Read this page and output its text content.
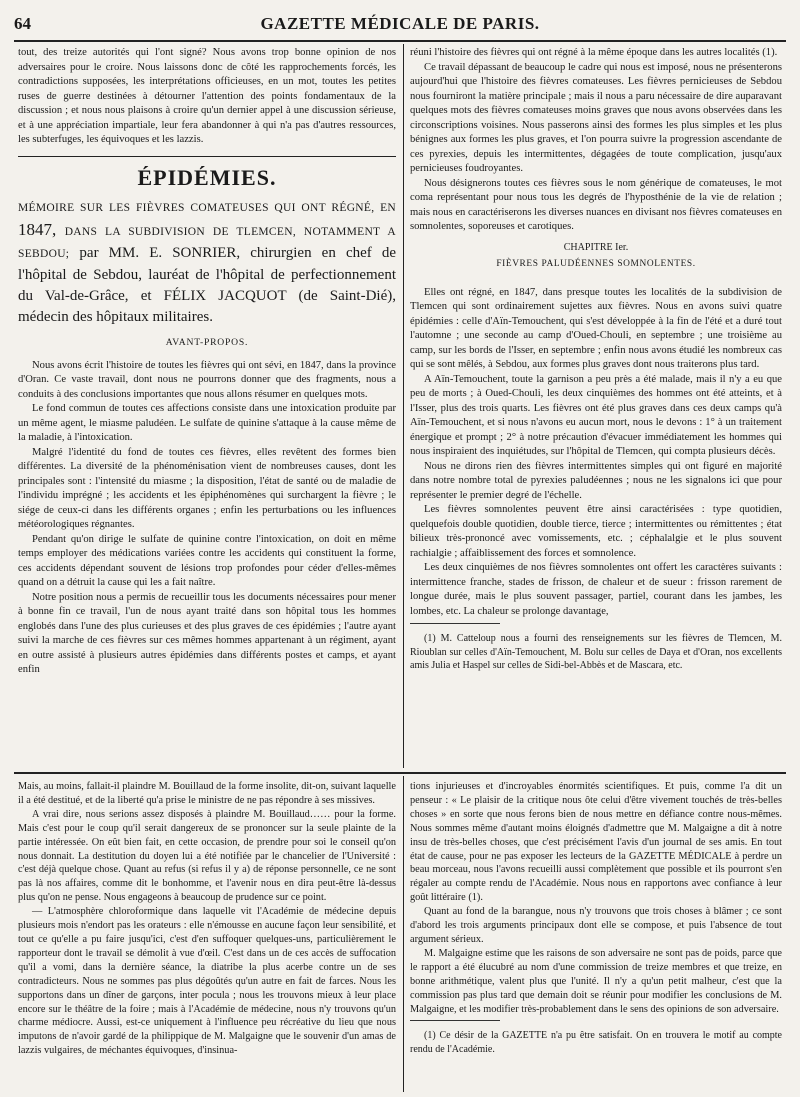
64	GAZETTE MÉDICALE DE PARIS.

tout, des treize autorités qui l'ont signé? Nous avons trop bonne opinion de nos adversaires pour le croire. Nous laissons donc de côté les rapprochements forcés, les contradictions supposées, les interprétations officieuses, en un mot, toutes les petites ruses de guerre destinées à détourner l'attention des points fondamentaux de la discussion ; et nous nous plaisons à croire qu'un dernier appel à une discussion sérieuse, et à une appréciation impartiale, leur fera abandonner à qui n'a pas d'autres ressources, les subterfuges, les équivoques et les lazzis.

ÉPIDÉMIES.
MÉMOIRE SUR LES FIÈVRES COMATEUSES QUI ONT RÉGNÉ, EN 1847, DANS LA SUBDIVISION DE TLEMCEN, NOTAMMENT A SEBDOU; par MM. E. SONRIER, chirurgien en chef de l'hôpital de Sebdou, lauréat de l'hôpital de perfectionnement du Val-de-Grâce, et FÉLIX JACQUOT (de Saint-Dié), médecin des hôpitaux militaires.
AVANT-PROPOS.

Nous avons écrit l'histoire de toutes les fièvres qui ont sévi, en 1847, dans la province d'Oran. Ce vaste travail, dont nous ne pourrons donner que des fragments, nous a conduits à des conclusions importantes que nous allons résumer en quelques mots.

Le fond commun de toutes ces affections consiste dans une intoxication produite par un même agent, le miasme paludéen. Le sulfate de quinine s'attaque à la cause même de la maladie, à l'intoxication.

Malgré l'identité du fond de toutes ces fièvres, elles revêtent des formes bien différentes. La diversité de la phénoménisation vient de nombreuses causes, dont les principales sont : l'intensité du miasme ; la disposition, l'état de santé ou de maladie de l'individu imprégné ; les accidents et les épiphénomènes qui surchargent la fièvre ; le siége de ceux-ci dans les différents organes ; enfin les perturbations ou les influences météorologiques régnantes.

Pendant qu'on dirige le sulfate de quinine contre l'intoxication, on doit en même temps employer des médications variées contre les accidents qui constituent la forme, ces accidents dépendant souvent de lésions trop profondes pour céder d'elles-mêmes quand on a détruit la cause qui les a fait naître.

Notre position nous a permis de recueillir tous les documents nécessaires pour mener à bonne fin ce travail, l'un de nous ayant traité dans son hôpital tous les hommes englobés dans l'une des plus curieuses et des plus graves de ces épidémies ; l'autre ayant suivi la marche de ces fièvres sur ces mêmes hommes appartenant à un régiment, ayant en outre assisté à plusieurs autres épidémies dans différents postes et camps, et ayant enfin

réuni l'histoire des fièvres qui ont régné à la même époque dans les autres localités (1).

Ce travail dépassant de beaucoup le cadre qui nous est imposé, nous ne présenterons aujourd'hui que l'histoire des fièvres comateuses. Les fièvres pernicieuses de Sebdou nous fourniront la matière principale ; mais il nous a paru nécessaire de dire auparavant quelques mots des fièvres comateuses moins graves que nous avons observées dans les circonscriptions voisines. Nous passerons ainsi des formes les plus simples et les plus bénignes aux formes les plus graves, et l'on pourra suivre la progression ascendante de ces pyrexies, depuis les intermittentes, dégagées de toute complication, jusqu'aux pernicieuses foudroyantes.

Nous désignerons toutes ces fièvres sous le nom générique de comateuses, le mot coma représentant pour nous tous les degrés de l'hyposthénie de la vie de relation ; mais nous en caractériserons les diverses nuances en divisant nos fièvres comateuses en somnolentes, soporeuses et carotiques.

CHAPITRE Ier.
FIÈVRES PALUDÉENNES SOMNOLENTES.

Elles ont régné, en 1847, dans presque toutes les localités de la subdivision de Tlemcen qui sont ordinairement sujettes aux fièvres. Nous en avons suivi quatre épidémies : celle d'Aïn-Temouchent, qui s'est développée à la fin de l'été et a duré tout l'automne ; une seconde au camp d'Oued-Chouli, en septembre ; une troisième au camp, sur les bords de l'Isser, en septembre ; enfin nous avons étudié les nombreux cas qui se sont mêlés, à Sebdou, aux formes plus graves dont nous traiterons plus tard.

A Aïn-Temouchent, toute la garnison a peu près a été malade, mais il n'y a eu que peu de morts ; à Oued-Chouli, les deux cinquièmes des hommes ont été atteints, et à l'Isser, plus des trois quarts. Les fièvres ont été plus graves dans ces deux camps qu'à Aïn-Temouchent, et si nous n'avons eu aucun mort, nous le devons : 1° à un traitement énergique et prompt ; 2° à notre précaution d'évacuer immédiatement les hommes qui nous inspiraient des inquiétudes, sur l'hôpital de Tlemcen, qui compta plusieurs décès.

Nous ne dirons rien des fièvres intermittentes simples qui ont figuré en majorité dans notre nombre total de pyrexies paludéennes ; nous ne les signalons ici que pour représenter le premier degré de l'échelle.

Les fièvres somnolentes peuvent être ainsi caractérisées : type quotidien, quelquefois double quotidien, double tierce, tierce ; intermittentes ou rémittentes ; état bilieux très-prononcé avec vomissements, etc. ; céphalalgie et le plus souvent rachialgie ; affaiblissement des forces et somnolence.

Les deux cinquièmes de nos fièvres somnolentes ont offert les caractères suivants : intermittence franche, stades de frisson, de chaleur et de sueur : frisson rarement de longue durée, mais le plus souvent passager, partiel, courant dans les jambes, les lombes, etc. La chaleur se prolonge davantage,

(1) M. Catteloup nous a fourni des renseignements sur les fièvres de Tlemcen, M. Rioublan sur celles d'Aïn-Temouchent, M. Bolu sur celles de Daya et d'Oran, nos excellents amis Julia et Haspel sur celles de Sidi-bel-Abbès et de Mascara, etc.

Mais, au moins, fallait-il plaindre M. Bouillaud de la forme insolite, dit-on, suivant laquelle il a été destitué, et de la liberté qu'a prise le ministre de ne pas répondre à ses missives.

A vrai dire, nous serions assez disposés à plaindre M. Bouillaud…… pour la forme. Mais c'est pour le coup qu'il serait dangereux de se prononcer sur la seule plainte de la partie intéressée. On eût bien fait, en cette occasion, de prendre pour soi le conseil qu'on nous donnait. La destitution du doyen lui a été notifiée par le chancelier de l'Université : c'est déjà quelque chose. Quant au refus (si refus il y a) de réponse personnelle, ce ne sont pas là nos affaires, comme dit le bonhomme, et l'avenir nous en dira peut-être là-dessus plus qu'on ne pense. Nous engageons à beaucoup de prudence sur ce point.

— L'atmosphère chloroformique dans laquelle vit l'Académie de médecine depuis plusieurs mois n'endort pas les orateurs : elle n'émousse en aucune façon leur sensibilité, et tout ce qu'elle a pu faire jusqu'ici, c'est d'en suffoquer quelques-uns, particulièrement le rapporteur dont le travail se démolit à vue d'œil. C'est dans un de ces accès de suffocation qu'il a vomi, dans la dernière séance, la diatribe la plus acerbe contre un de ses contradicteurs. Nous ne sommes pas plus dégoûtés qu'un autre en fait de farces. Nous les supportons dans un dîner de garçons, inter pocula ; nous les trouvons mieux à leur place encore sur le théâtre de la foire ; mais à l'Académie de médecine, nous n'y trouvons qu'un charme médiocre. Aussi, est-ce uniquement à l'influence peu récréative du lieu que nous imputons de n'avoir gardé de la philippique de M. Malgaigne que le souvenir d'un amas de lazzis vulgaires, de méchantes équivoques, d'insinua-

tions injurieuses et d'incroyables énormités scientifiques. Et puis, comme l'a dit un penseur : « Le plaisir de la critique nous ôte celui d'être vivement touchés de très-belles choses » en sorte que nous ferons bien de nous mettre en défiance contre nous-mêmes. Nous sommes même d'autant moins éloignés d'admettre que M. Malgaigne a dit à notre insu de très-belles choses, que c'est précisément l'avis d'un journal de ses amis. En tout état de cause, pour ne pas exposer les lecteurs de la GAZETTE MÉDICALE à perdre un beau morceau, nous l'avons recueilli aussi complètement que possible et ils pourront s'en régaler au compte rendu de l'Académie. Nous nous en rapportons avec confiance à leur goût littéraire (1).

Quant au fond de la barangue, nous n'y trouvons que trois choses à blâmer ; ce sont d'abord les trois arguments principaux dont elle se compose, et puis l'absence de tout argument sérieux.

M. Malgaigne estime que les raisons de son adversaire ne sont pas de poids, parce que le rapport a été élucubré au nom d'une commission de treize membres et que treize, en bonne arithmétique, valent plus que l'unité. Il n'y a qu'un petit malheur, c'est que la commission pas plus tard que demain doit se réunir pour modifier les conclusions de M. Malgaigne, et les modifier très-probablement dans le sens des opinions de son adversaire.

(1) Ce désir de la GAZETTE n'a pu être satisfait. On en trouvera le motif au compte rendu de l'Académie.
